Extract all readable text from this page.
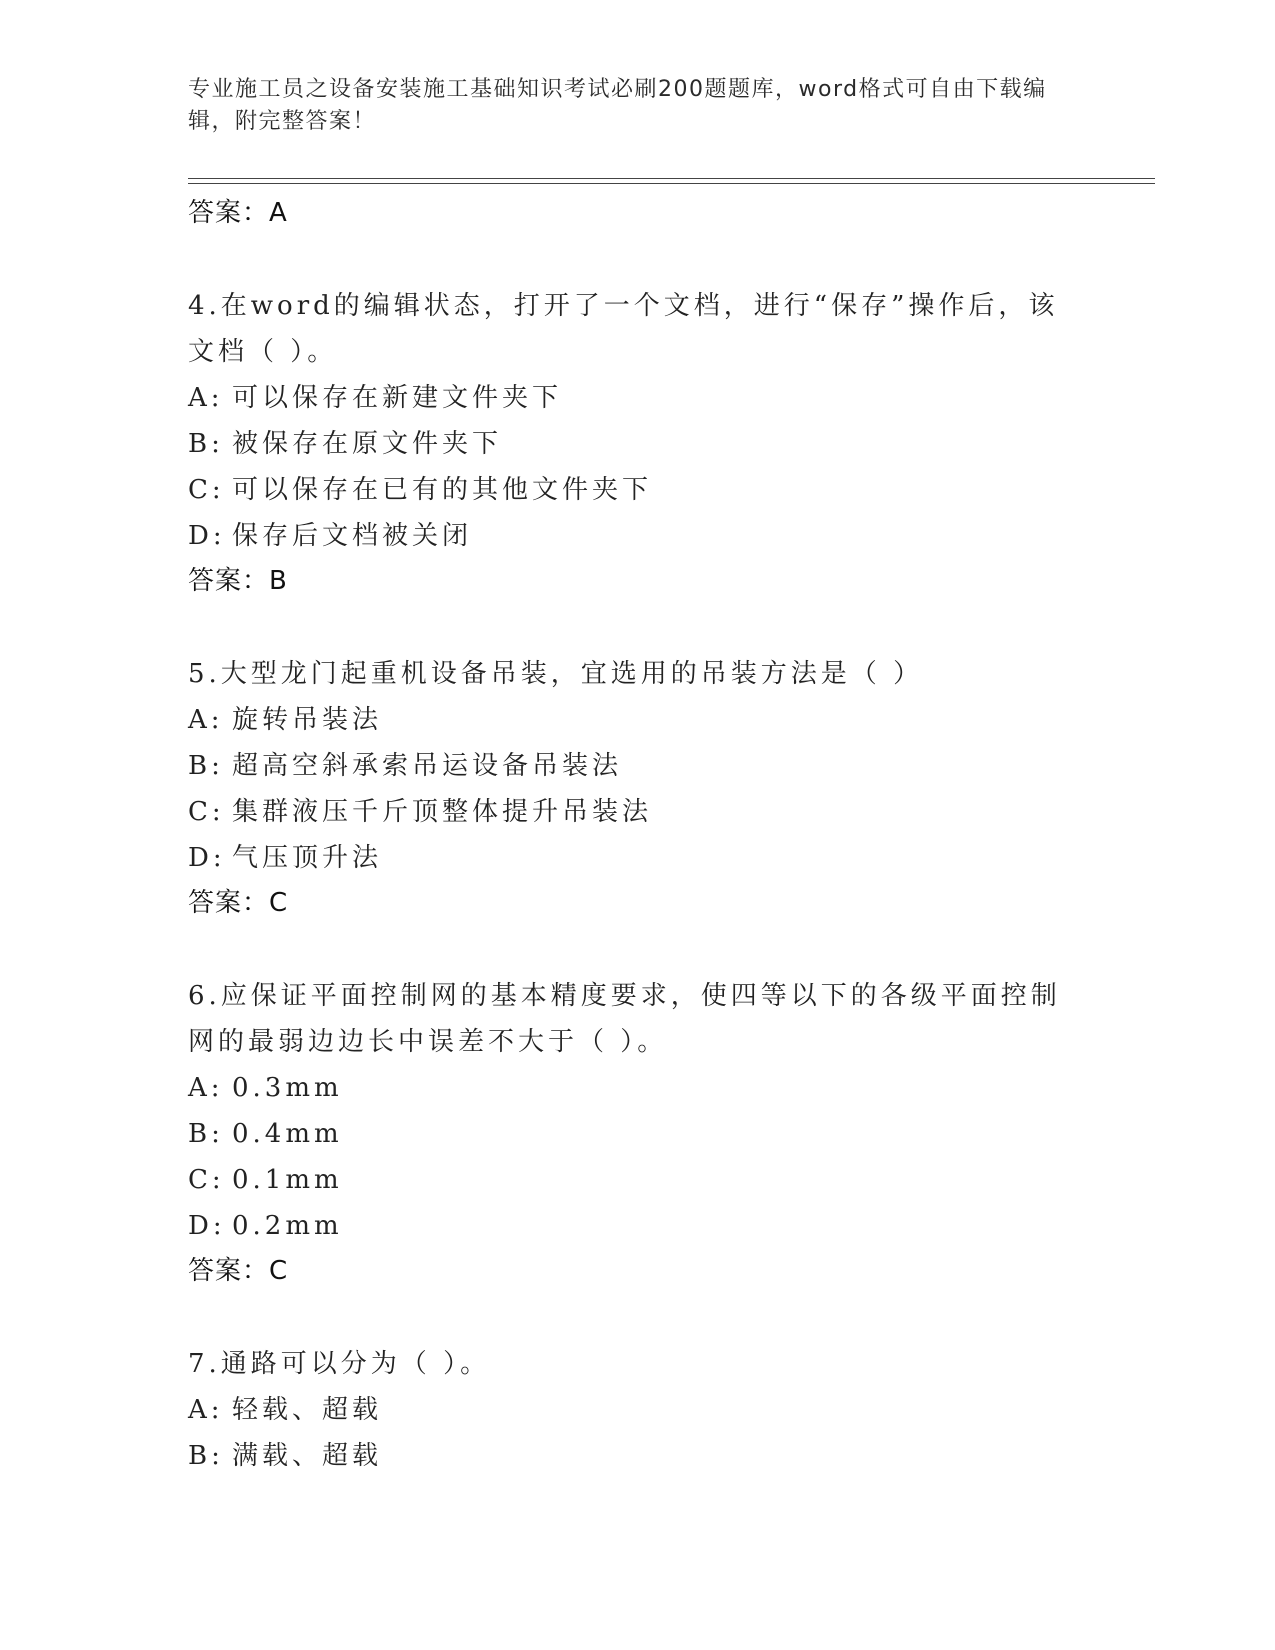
专业施工员之设备安装施工基础知识考试必刷200题题库，word格式可自由下载编辑，附完整答案！
答案：A

4.在word的编辑状态，打开了一个文档，进行“保存”操作后，该文档（ ）。

A: 可以保存在新建文件夹下
B: 被保存在原文件夹下
C: 可以保存在已有的其他文件夹下
D: 保存后文档被关闭
答案：B

5.大型龙门起重机设备吊装，宜选用的吊装方法是（ ）

A: 旋转吊装法
B: 超高空斜承索吊运设备吊装法
C: 集群液压千斤顶整体提升吊装法
D: 气压顶升法
答案：C

6.应保证平面控制网的基本精度要求，使四等以下的各级平面控制网的最弱边边长中误差不大于（ ）。

A: 0.3mm
B: 0.4mm
C: 0.1mm
D: 0.2mm
答案：C

7.通路可以分为（ ）。

A: 轻载、超载
B: 满载、超载
